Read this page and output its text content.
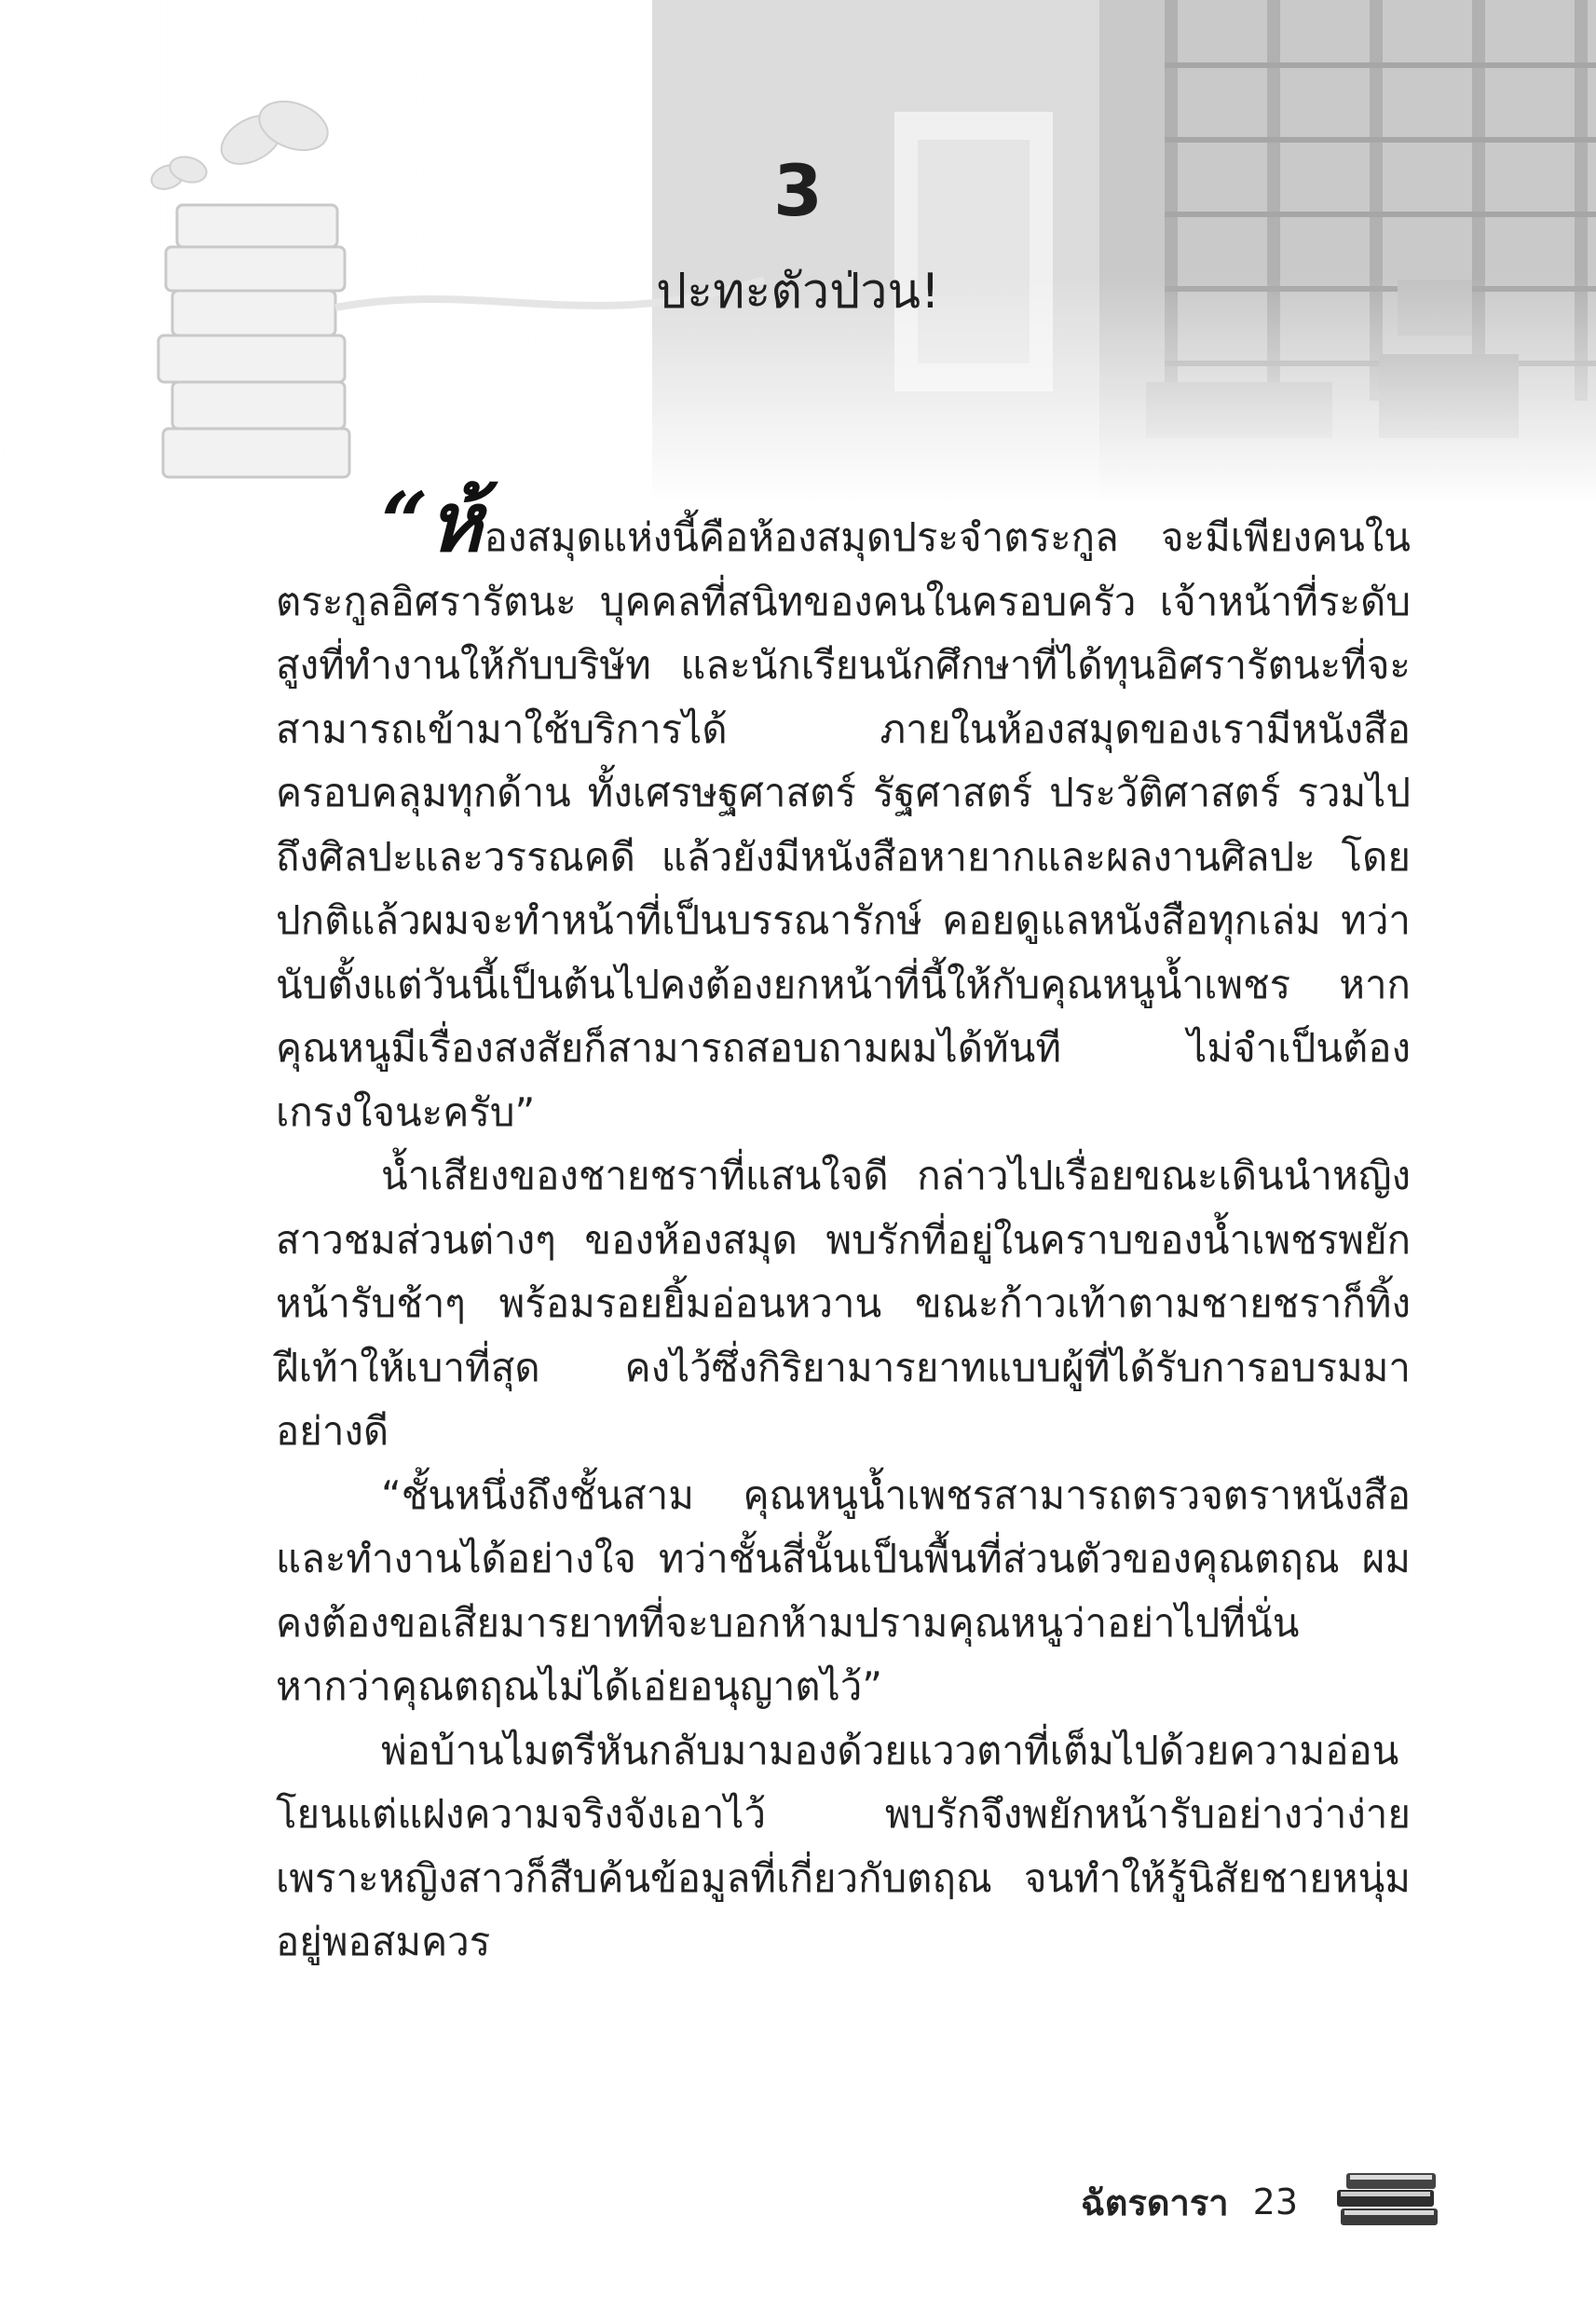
3
ปะทะตัวป่วน!

“ห้องสมุดแห่งนี้คือห้องสมุดประจำตระกูล จะมีเพียงคนในตระกูลอิศรารัตนะ บุคคลที่สนิทของคนในครอบครัว เจ้าหน้าที่ระดับสูงที่ทำงานให้กับบริษัท และนักเรียนนักศึกษาที่ได้ทุนอิศรารัตนะที่จะสามารถเข้ามาใช้บริการได้ ภายในห้องสมุดของเรามีหนังสือครอบคลุมทุกด้าน ทั้งเศรษฐศาสตร์ รัฐศาสตร์ ประวัติศาสตร์ รวมไปถึงศิลปะและวรรณคดี แล้วยังมีหนังสือหายากและผลงานศิลปะ โดยปกติแล้วผมจะทำหน้าที่เป็นบรรณารักษ์ คอยดูแลหนังสือทุกเล่ม ทว่านับตั้งแต่วันนี้เป็นต้นไปคงต้องยกหน้าที่นี้ให้กับคุณหนูน้ำเพชร หากคุณหนูมีเรื่องสงสัยก็สามารถสอบถามผมได้ทันที ไม่จำเป็นต้องเกรงใจนะครับ”

น้ำเสียงของชายชราที่แสนใจดี กล่าวไปเรื่อยขณะเดินนำหญิงสาวชมส่วนต่างๆ ของห้องสมุด พบรักที่อยู่ในคราบของน้ำเพชรพยักหน้ารับช้าๆ พร้อมรอยยิ้มอ่อนหวาน ขณะก้าวเท้าตามชายชราก็ทิ้งฝีเท้าให้เบาที่สุด คงไว้ซึ่งกิริยามารยาทแบบผู้ที่ได้รับการอบรมมาอย่างดี

“ชั้นหนึ่งถึงชั้นสาม คุณหนูน้ำเพชรสามารถตรวจตราหนังสือและทำงานได้อย่างใจ ทว่าชั้นสี่นั้นเป็นพื้นที่ส่วนตัวของคุณตฤณ ผมคงต้องขอเสียมารยาทที่จะบอกห้ามปรามคุณหนูว่าอย่าไปที่นั่น หากว่าคุณตฤณไม่ได้เอ่ยอนุญาตไว้”

พ่อบ้านไมตรีหันกลับมามองด้วยแววตาที่เต็มไปด้วยความอ่อนโยนแต่แฝงความจริงจังเอาไว้ พบรักจึงพยักหน้ารับอย่างว่าง่าย เพราะหญิงสาวก็สืบค้นข้อมูลที่เกี่ยวกับตฤณ จนทำให้รู้นิสัยชายหนุ่มอยู่พอสมควร

ฉัตรดารา 23
